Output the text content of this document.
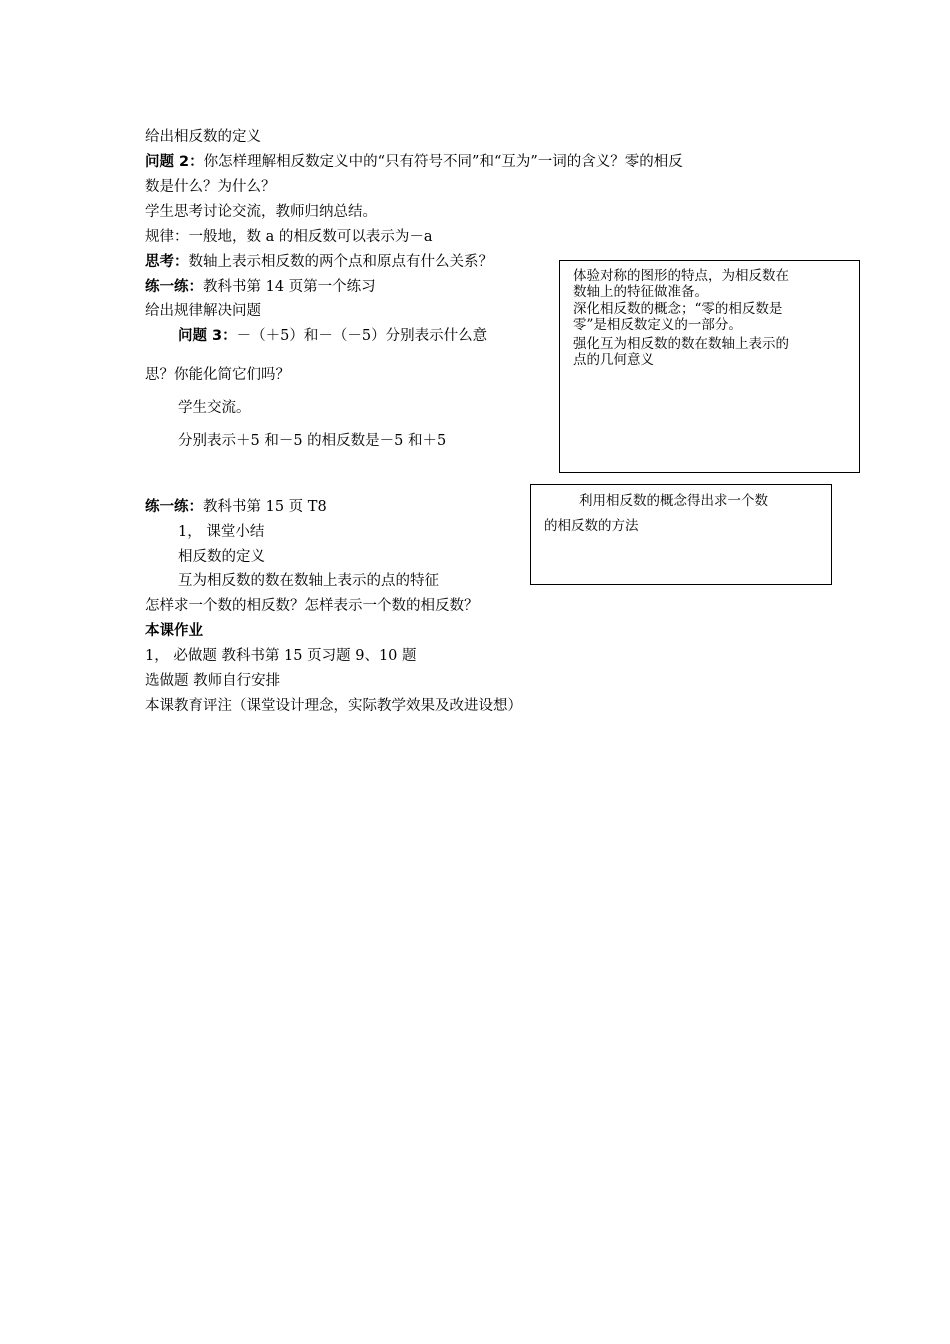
给出相反数的定义
问题 2：你怎样理解相反数定义中的“只有符号不同”和“互为”一词的含义？零的相反
数是什么？为什么？
学生思考讨论交流，教师归纳总结。
规律：一般地，数 a 的相反数可以表示为－a
思考：数轴上表示相反数的两个点和原点有什么关系？
练一练：教科书第 14 页第一个练习
给出规律解决问题
问题 3：－（＋5）和－（－5）分别表示什么意
思？你能化简它们吗？
学生交流。
分别表示＋5 和－5 的相反数是－5 和＋5
练一练：教科书第 15 页 T8
1， 课堂小结
相反数的定义
互为相反数的数在数轴上表示的点的特征
怎样求一个数的相反数？怎样表示一个数的相反数？
本课作业
1， 必做题 教科书第 15 页习题 9、10 题
选做题 教师自行安排
本课教育评注（课堂设计理念，实际教学效果及改进设想）

体验对称的图形的特点，为相反数在

数轴上的特征做准备。

深化相反数的概念；“零的相反数是

零”是相反数定义的一部分。

强化互为相反数的数在数轴上表示的

点的几何意义

利用相反数的概念得出求一个数

的相反数的方法
